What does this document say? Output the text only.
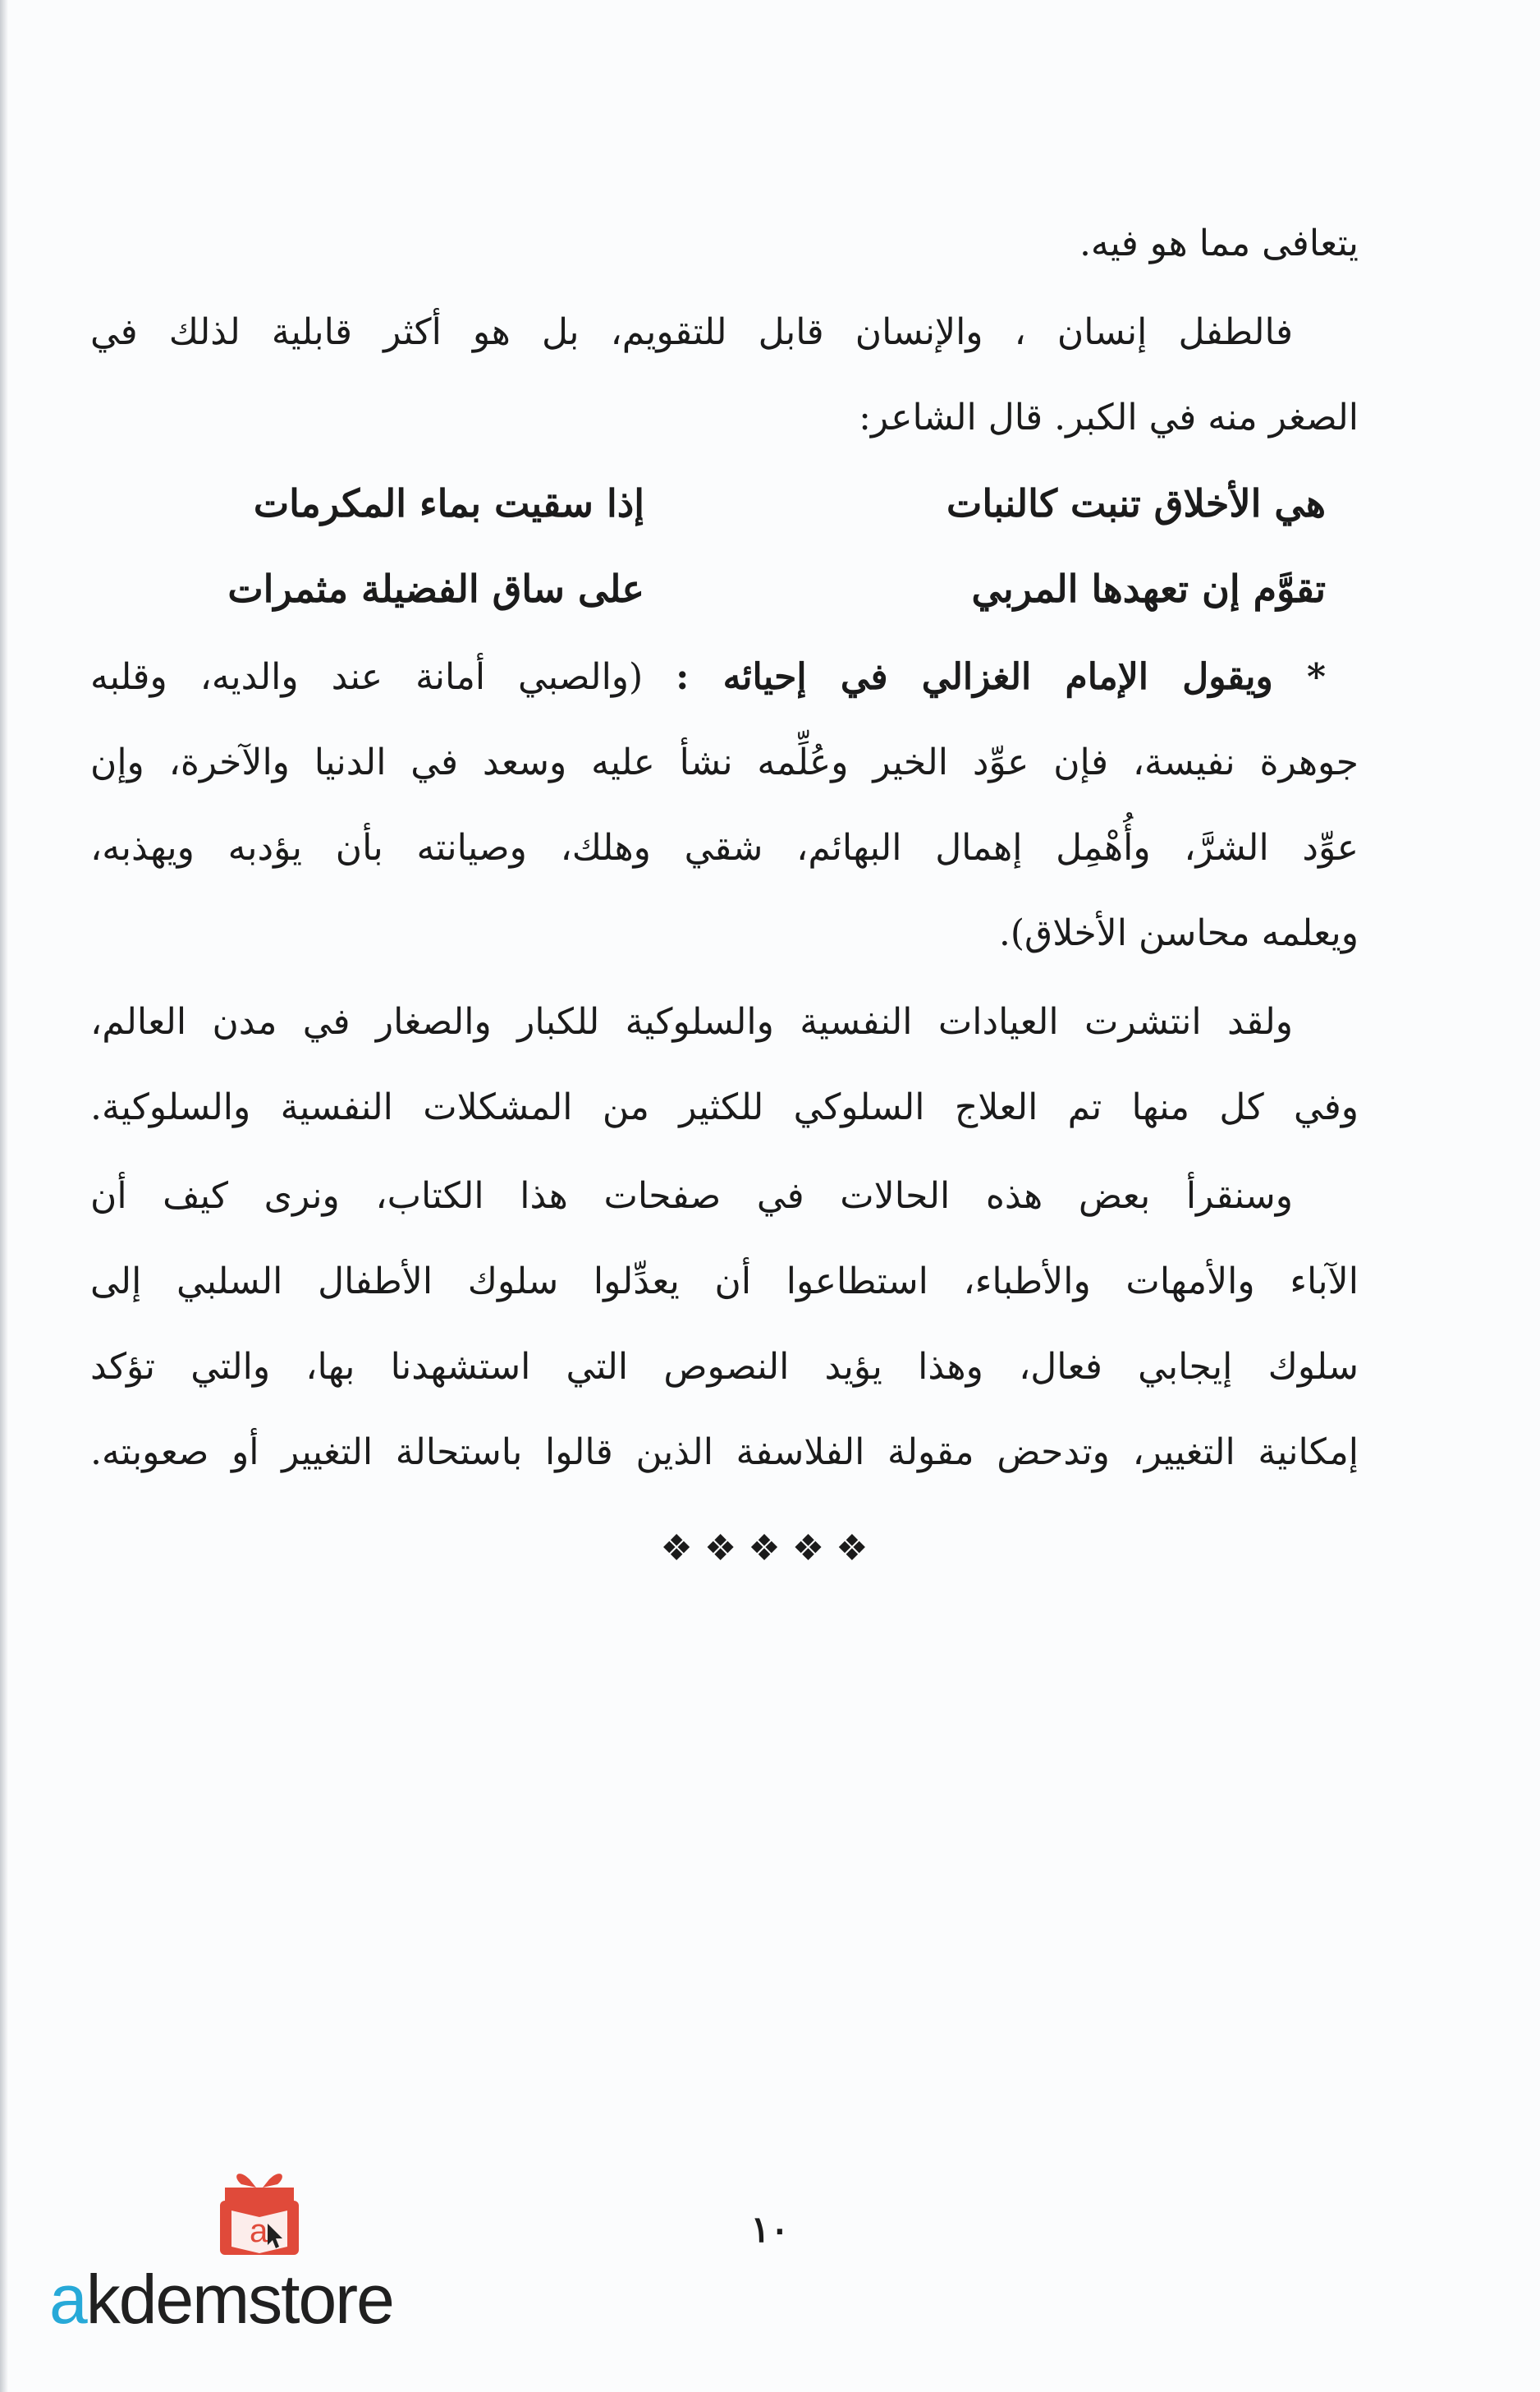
يتعافى مما هو فيه.
فالطفل إنسان ، والإنسان قابل للتقويم، بل هو أكثر قابلية لذلك في
الصغر منه في الكبر. قال الشاعر:
هي الأخلاق تنبت كالنبات
إذا سقيت بماء المكرمات
تقوَّم إن تعهدها المربي
على ساق الفضيلة مثمرات
* ويقول الإمام الغزالي في إحيائه : (والصبي أمانة عند والديه، وقلبه
جوهرة نفيسة، فإن عوِّد الخير وعُلِّمه نشأ عليه وسعد في الدنيا والآخرة، وإن
عوِّد الشرَّ، وأُهْمِل إهمال البهائم، شقي وهلك، وصيانته بأن يؤدبه ويهذبه،
ويعلمه محاسن الأخلاق).
ولقد انتشرت العيادات النفسية والسلوكية للكبار والصغار في مدن العالم،
وفي كل منها تم العلاج السلوكي للكثير من المشكلات النفسية والسلوكية.
وسنقرأ بعض هذه الحالات في صفحات هذا الكتاب، ونرى كيف أن
الآباء والأمهات والأطباء، استطاعوا أن يعدِّلوا سلوك الأطفال السلبي إلى
سلوك إيجابي فعال، وهذا يؤيد النصوص التي استشهدنا بها، والتي تؤكد
إمكانية التغيير، وتدحض مقولة الفلاسفة الذين قالوا باستحالة التغيير أو صعوبته.
❖❖❖❖❖
١٠
a
akdemstore
